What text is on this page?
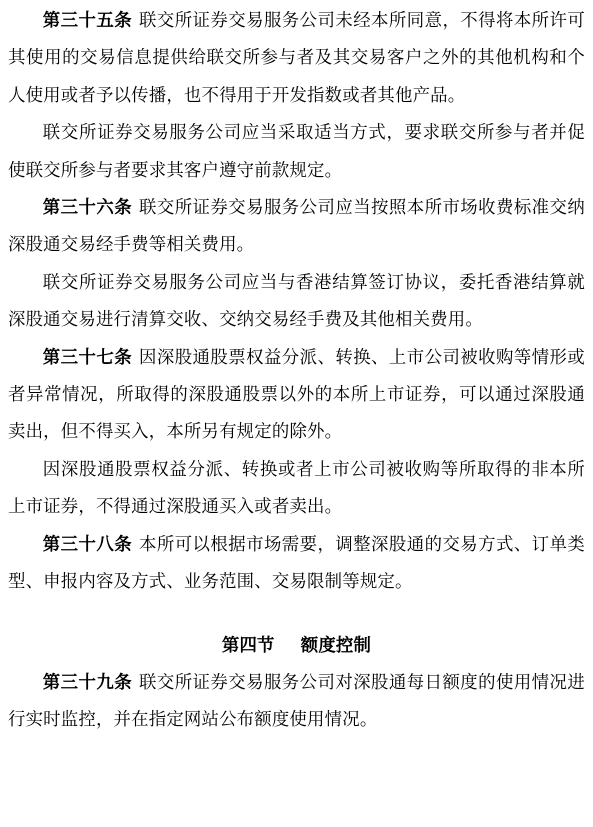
第三十五条 联交所证券交易服务公司未经本所同意，不得将本所许可其使用的交易信息提供给联交所参与者及其交易客户之外的其他机构和个人使用或者予以传播，也不得用于开发指数或者其他产品。

联交所证券交易服务公司应当采取适当方式，要求联交所参与者并促使联交所参与者要求其客户遵守前款规定。

第三十六条 联交所证券交易服务公司应当按照本所市场收费标准交纳深股通交易经手费等相关费用。

联交所证券交易服务公司应当与香港结算签订协议，委托香港结算就深股通交易进行清算交收、交纳交易经手费及其他相关费用。

第三十七条 因深股通股票权益分派、转换、上市公司被收购等情形或者异常情况，所取得的深股通股票以外的本所上市证券，可以通过深股通卖出，但不得买入，本所另有规定的除外。

因深股通股票权益分派、转换或者上市公司被收购等所取得的非本所上市证券，不得通过深股通买入或者卖出。

第三十八条 本所可以根据市场需要，调整深股通的交易方式、订单类型、申报内容及方式、业务范围、交易限制等规定。

第四节 额度控制

第三十九条 联交所证券交易服务公司对深股通每日额度的使用情况进行实时监控，并在指定网站公布额度使用情况。
